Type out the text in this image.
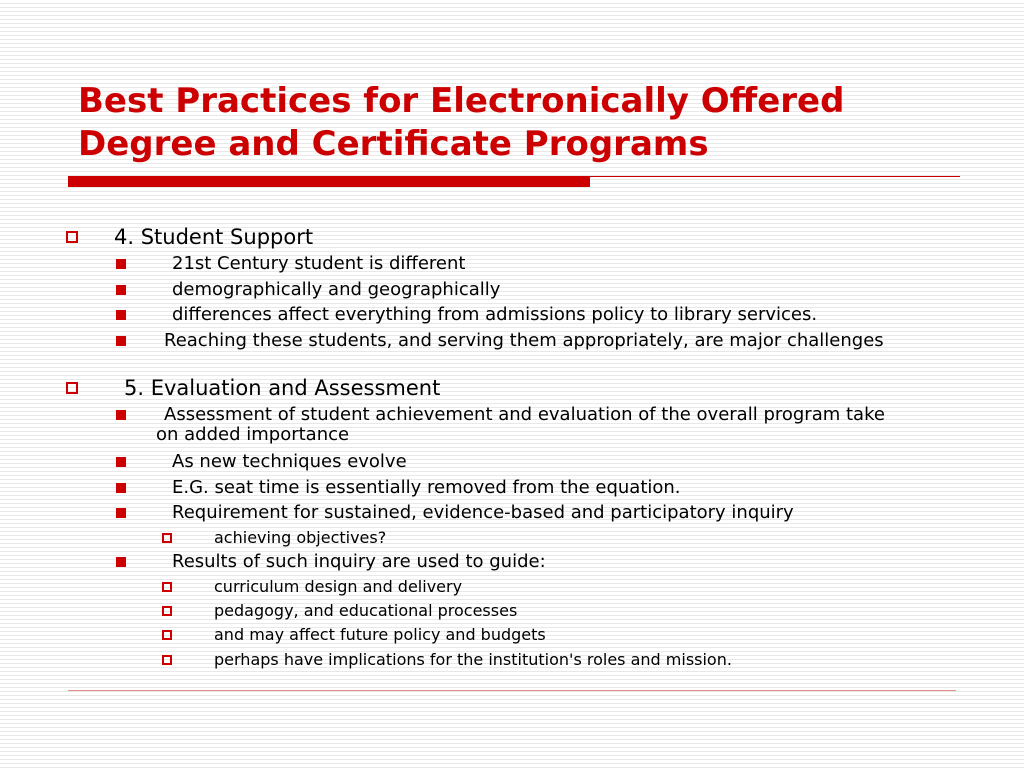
Best Practices for Electronically Offered
Degree and Certificate Programs
4. Student Support
21st Century student is different
demographically and geographically
differences affect everything from admissions policy to library services.
Reaching these students, and serving them appropriately, are major challenges
5. Evaluation and Assessment
Assessment of student achievement and evaluation of the overall program take on added importance
As new techniques evolve
E.G. seat time is essentially removed from the equation.
Requirement for sustained, evidence-based and participatory inquiry
achieving objectives?
Results of such inquiry are used to guide:
curriculum design and delivery
pedagogy, and educational processes
and may affect future policy and budgets
perhaps have implications for the institution's roles and mission.
